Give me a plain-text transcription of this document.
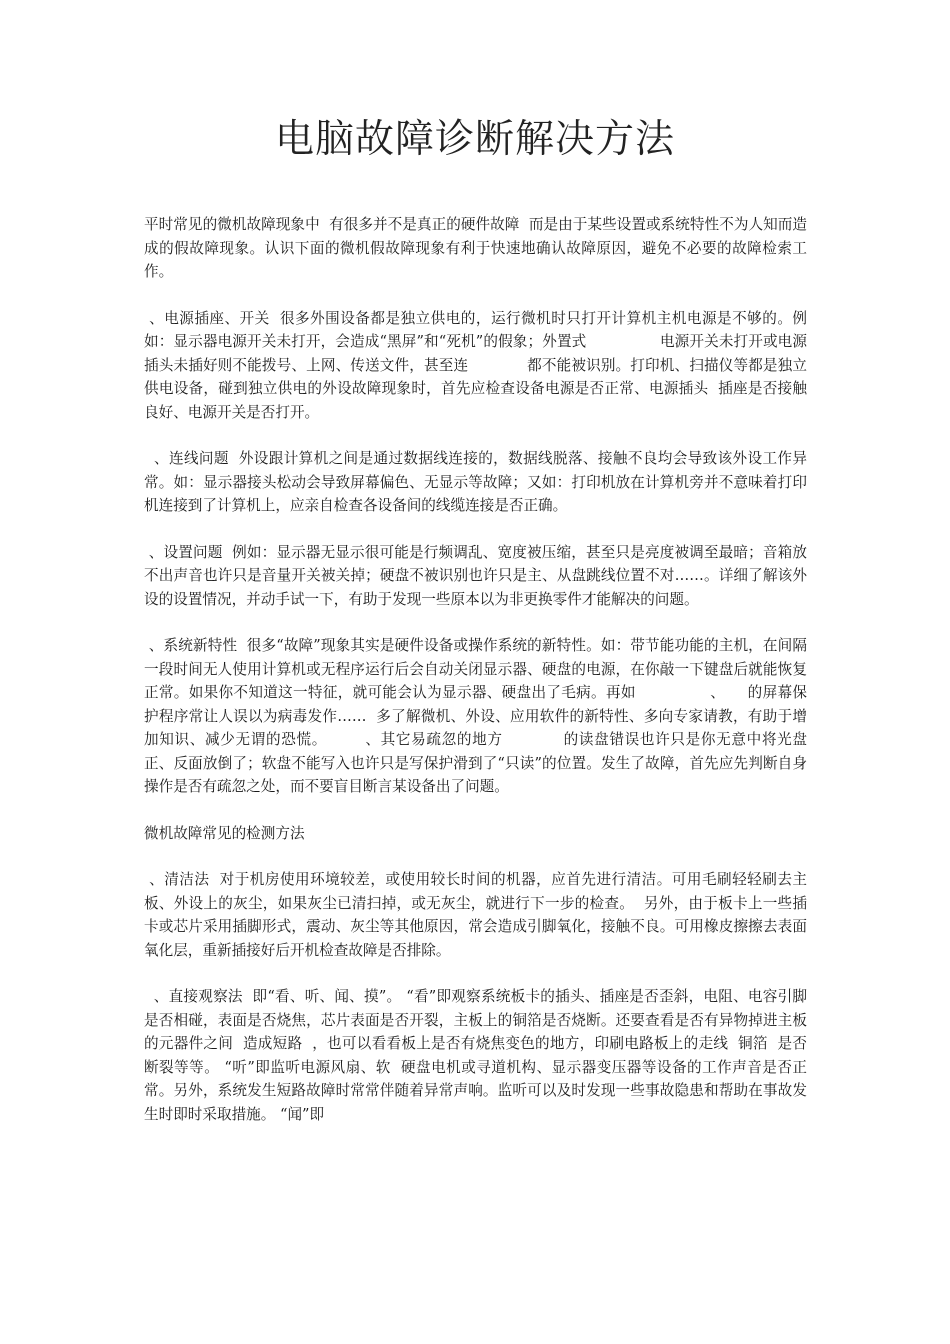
电脑故障诊断解决方法

平时常见的微机故障现象中  有很多并不是真正的硬件故障  而是由于某些设置或系统特性不为人知而造成的假故障现象。认识下面的微机假故障现象有利于快速地确认故障原因，避免不必要的故障检索工作。

、电源插座、开关  很多外围设备都是独立供电的，运行微机时只打开计算机主机电源是不够的。例如：显示器电源开关未打开，会造成“黑屏”和“死机”的假象；外置式　　　　　电源开关未打开或电源插头未插好则不能拨号、上网、传送文件，甚至连　　　　都不能被识别。打印机、扫描仪等都是独立供电设备，碰到独立供电的外设故障现象时，首先应检查设备电源是否正常、电源插头  插座是否接触良好、电源开关是否打开。

、连线问题  外设跟计算机之间是通过数据线连接的，数据线脱落、接触不良均会导致该外设工作异常。如：显示器接头松动会导致屏幕偏色、无显示等故障；又如：打印机放在计算机旁并不意味着打印机连接到了计算机上，应亲自检查各设备间的线缆连接是否正确。

、设置问题  例如：显示器无显示很可能是行频调乱、宽度被压缩，甚至只是亮度被调至最暗；音箱放不出声音也许只是音量开关被关掉；硬盘不被识别也许只是主、从盘跳线位置不对……。详细了解该外设的设置情况，并动手试一下，有助于发现一些原本以为非更换零件才能解决的问题。

、系统新特性  很多“故障”现象其实是硬件设备或操作系统的新特性。如：带节能功能的主机，在间隔一段时间无人使用计算机或无程序运行后会自动关闭显示器、硬盘的电源，在你敲一下键盘后就能恢复正常。如果你不知道这一特征，就可能会认为显示器、硬盘出了毛病。再如　　　　　、　　的屏幕保护程序常让人误以为病毒发作……  多了解微机、外设、应用软件的新特性、多向专家请教，有助于增加知识、减少无谓的恐慌。　　　、其它易疏忽的地方　　　　的读盘错误也许只是你无意中将光盘正、反面放倒了；软盘不能写入也许只是写保护滑到了“只读”的位置。发生了故障，首先应先判断自身操作是否有疏忽之处，而不要盲目断言某设备出了问题。

微机故障常见的检测方法

、清洁法  对于机房使用环境较差，或使用较长时间的机器，应首先进行清洁。可用毛刷轻轻刷去主板、外设上的灰尘，如果灰尘已清扫掉，或无灰尘，就进行下一步的检查。  另外，由于板卡上一些插卡或芯片采用插脚形式，震动、灰尘等其他原因，常会造成引脚氧化，接触不良。可用橡皮擦擦去表面氧化层，重新插接好后开机检查故障是否排除。

、直接观察法  即“看、听、闻、摸”。 “看”即观察系统板卡的插头、插座是否歪斜，电阻、电容引脚是否相碰，表面是否烧焦，芯片表面是否开裂，主板上的铜箔是否烧断。还要查看是否有异物掉进主板的元器件之间  造成短路  ，也可以看看板上是否有烧焦变色的地方，印刷电路板上的走线  铜箔  是否断裂等等。 “听”即监听电源风扇、软  硬盘电机或寻道机构、显示器变压器等设备的工作声音是否正常。另外，系统发生短路故障时常常伴随着异常声响。监听可以及时发现一些事故隐患和帮助在事故发生时即时采取措施。 “闻”即
